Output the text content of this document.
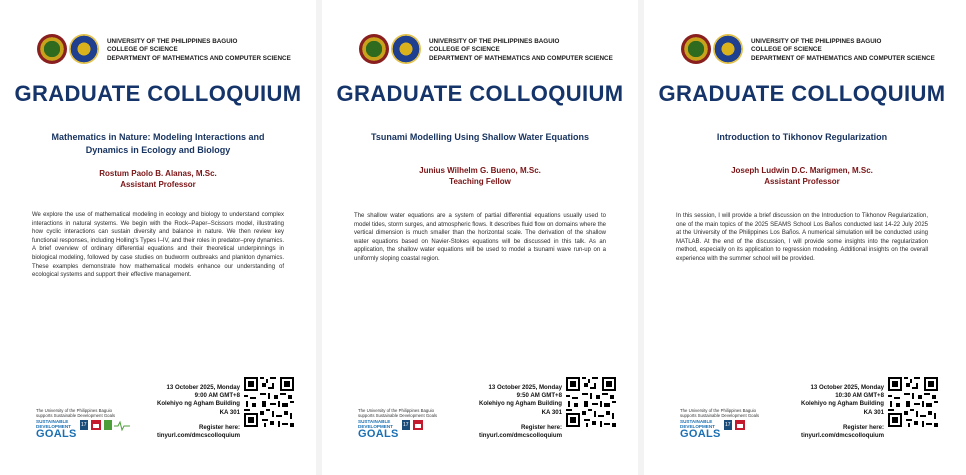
UNIVERSITY OF THE PHILIPPINES BAGUIO
COLLEGE OF SCIENCE
DEPARTMENT OF MATHEMATICS AND COMPUTER SCIENCE
GRADUATE COLLOQUIUM
Mathematics in Nature: Modeling Interactions and Dynamics in Ecology and Biology
Rostum Paolo B. Alanas, M.Sc.
Assistant Professor
We explore the use of mathematical modeling in ecology and biology to understand complex interactions in natural systems. We begin with the Rock–Paper–Scissors model, illustrating how cyclic interactions can sustain diversity and balance in nature. We then review key functional responses, including Holling's Types I–IV, and their roles in predator–prey dynamics. A brief overview of ordinary differential equations and their theoretical underpinnings in biological modeling, followed by case studies on budworm outbreaks and plankton dynamics. These examples demonstrate how mathematical models enhance our understanding of ecological systems and support their effective management.
13 October 2025, Monday
9:00 AM GMT+8
Kolehiyo ng Agham Building
KA 301
Register here:
tinyurl.com/dmcscolloquium
The University of the Philippines Baguio
supports Sustainable Development Goals
SUSTAINABLE
DEVELOPMENT
GOALS
17
UNIVERSITY OF THE PHILIPPINES BAGUIO
COLLEGE OF SCIENCE
DEPARTMENT OF MATHEMATICS AND COMPUTER SCIENCE
GRADUATE COLLOQUIUM
Tsunami Modelling Using Shallow Water Equations
Junius Wilhelm G. Bueno, M.Sc.
Teaching Fellow
The shallow water equations are a system of partial differential equations usually used to model tides, storm surges, and atmospheric flows. It describes fluid flow on domains where the vertical dimension is much smaller than the horizontal scale. The derivation of the shallow water equations based on Navier-Stokes equations will be discussed in this talk. As an application, the shallow water equations will be used to model a tsunami wave run-up on a uniformly sloping coastal region.
13 October 2025, Monday
9:50 AM GMT+8
Kolehiyo ng Agham Building
KA 301
Register here:
tinyurl.com/dmcscolloquium
The University of the Philippines Baguio
supports Sustainable Development Goals
SUSTAINABLE
DEVELOPMENT
GOALS
17
UNIVERSITY OF THE PHILIPPINES BAGUIO
COLLEGE OF SCIENCE
DEPARTMENT OF MATHEMATICS AND COMPUTER SCIENCE
GRADUATE COLLOQUIUM
Introduction to Tikhonov Regularization
Joseph Ludwin D.C. Marigmen, M.Sc.
Assistant Professor
In this session, I will provide a brief discussion on the Introduction to Tikhonov Regularization, one of the main topics of the 2025 SEAMS School Los Baños conducted last 14-22 July 2025 at the University of the Philippines Los Baños. A numerical simulation will be conducted using MATLAB. At the end of the discussion, I will provide some insights into the regularization method, especially on its application to regression modeling. Additional insights on the overall experience with the summer school will be provided.
13 October 2025, Monday
10:30 AM GMT+8
Kolehiyo ng Agham Building
KA 301
Register here:
tinyurl.com/dmcscolloquium
The University of the Philippines Baguio
supports Sustainable Development Goals
SUSTAINABLE
DEVELOPMENT
GOALS
17
